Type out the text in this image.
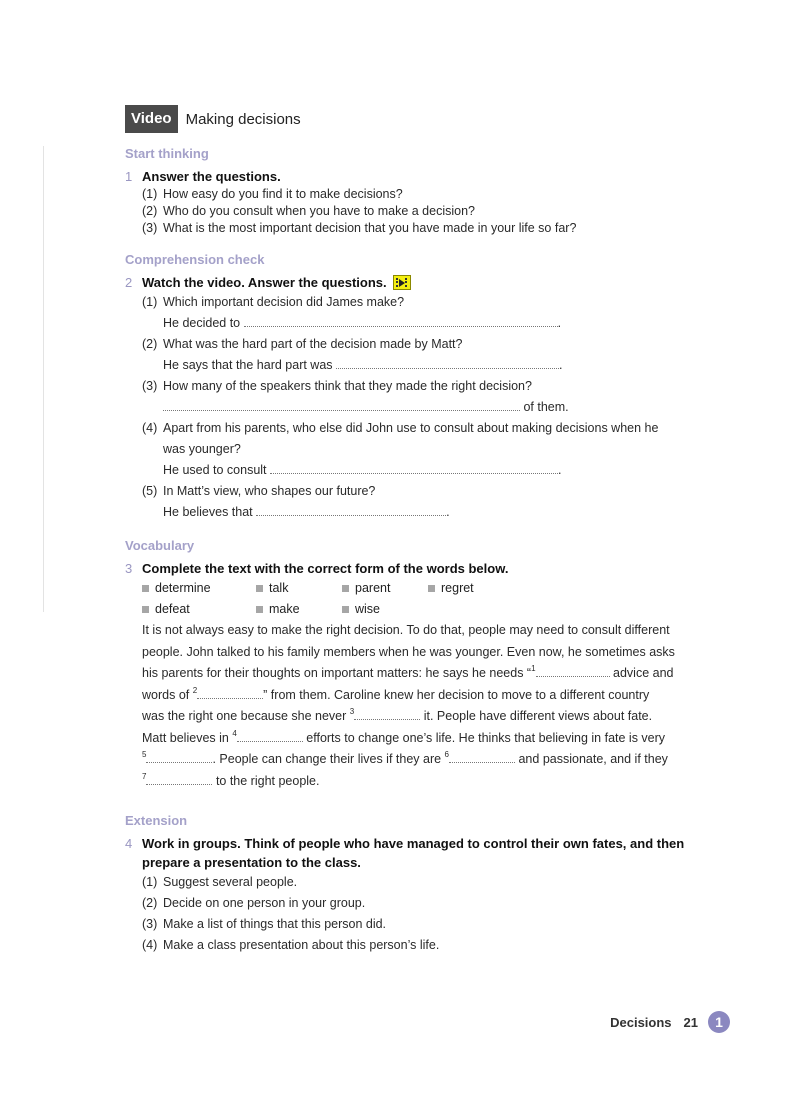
Video Making decisions
Start thinking
1 Answer the questions.
(1) How easy do you find it to make decisions?
(2) Who do you consult when you have to make a decision?
(3) What is the most important decision that you have made in your life so far?
Comprehension check
2 Watch the video. Answer the questions.
(1) Which important decision did James make?
He decided to	.
(2) What was the hard part of the decision made by Matt?
He says that the hard part was	.
(3) How many of the speakers think that they made the right decision?
of them.
(4) Apart from his parents, who else did John use to consult about making decisions when he
was younger?
He used to consult	.
(5) In Matt’s view, who shapes our future?
He believes that	.
Vocabulary
3 Complete the text with the correct form of the words below.
determine	talk	parent	regret
defeat	make	wise
It is not always easy to make the right decision. To do that, people may need to consult different
people. John talked to his family members when he was younger. Even now, he sometimes asks
his parents for their thoughts on important matters: he says he needs “$^1$	advice and
words of $^2$	” from them. Caroline knew her decision to move to a different country
was the right one because she never $^3$	it. People have different views about fate.
Matt believes in $^4$	efforts to change one’s life. He thinks that believing in fate is very
$^5$	. People can change their lives if they are $^6$	and passionate, and if they
$^7$	to the right people.
Extension
4 Work in groups. Think of people who have managed to control their own fates, and then
prepare a presentation to the class.
(1) Suggest several people.
(2) Decide on one person in your group.
(3) Make a list of things that this person did.
(4) Make a class presentation about this person’s life.
Decisions 21	1
